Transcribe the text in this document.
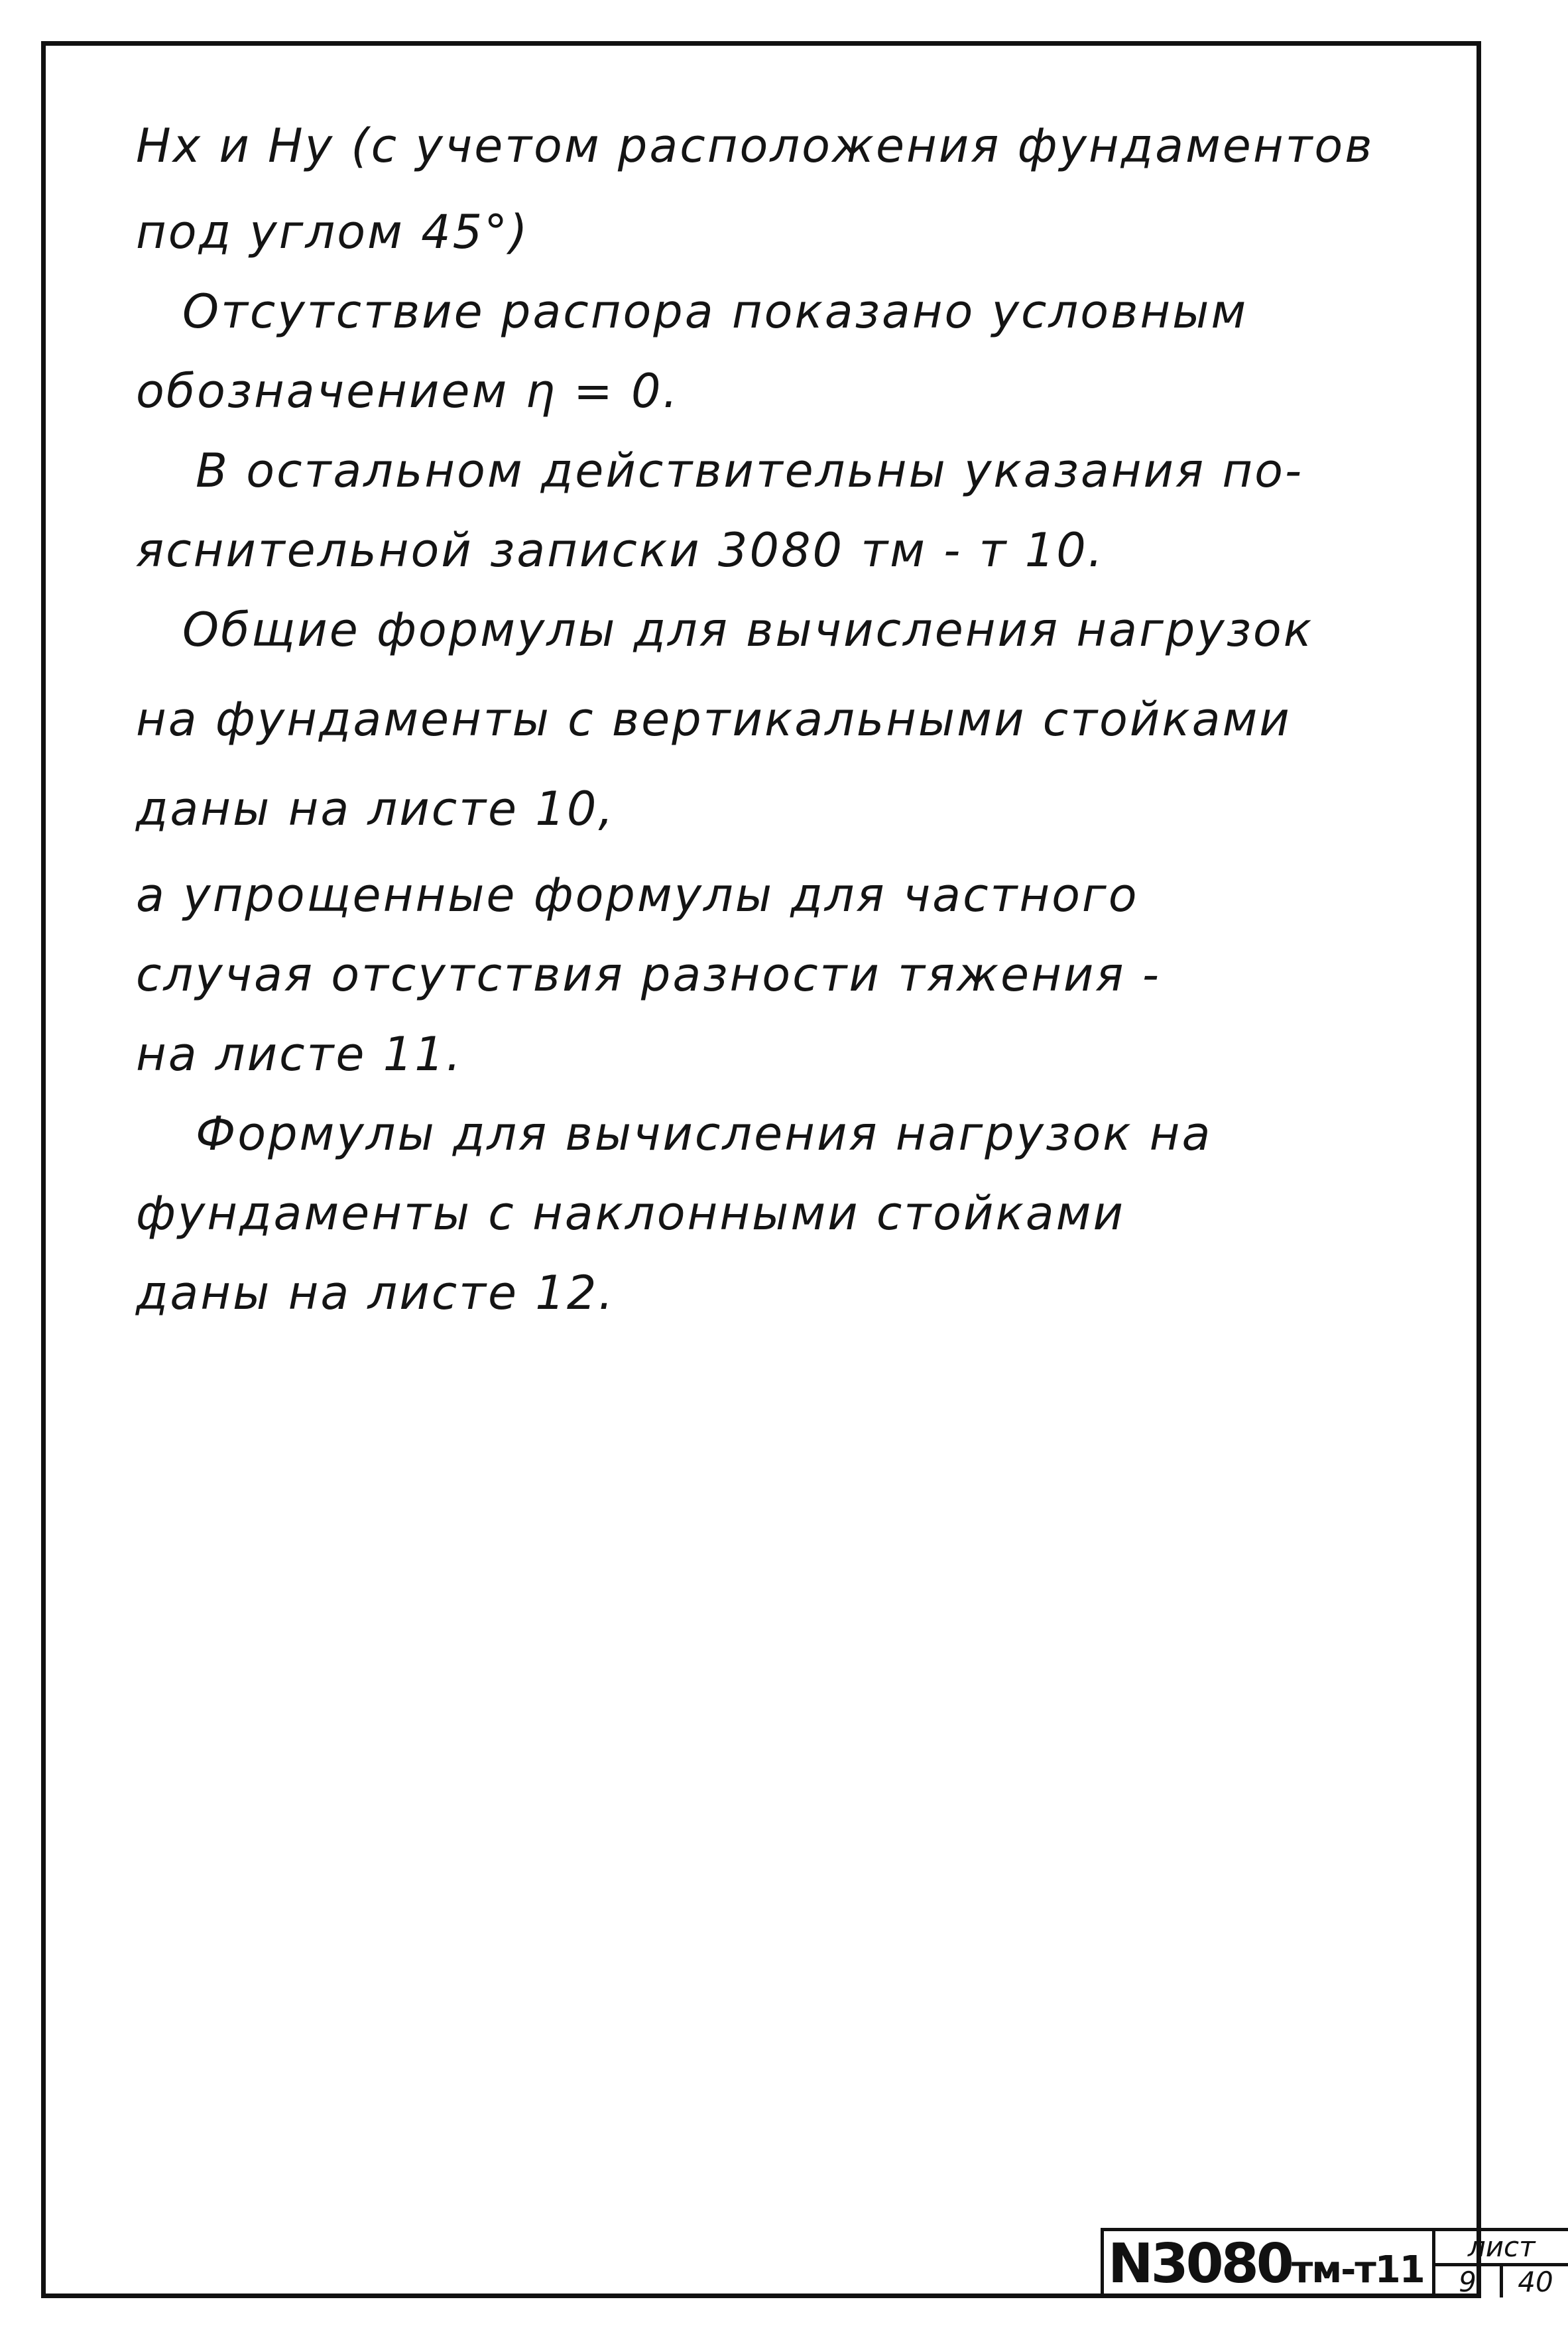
Hx и Hy (с учетом расположения фундаментов
под углом 45°)
Отсутствие распора показано условным
обозначением η = 0.
В остальном действительны указания по-
яснительной записки 3080 тм - т 10.
Общие формулы для вычисления нагрузок
на фундаменты с вертикальными стойками
даны на листе 10,
а упрощенные формулы для частного
случая отсутствия разности тяжения -
на листе 11.
Формулы для вычисления нагрузок на
фундаменты с наклонными стойками
даны на листе 12.
N3080тм-т11
лист
9	40
